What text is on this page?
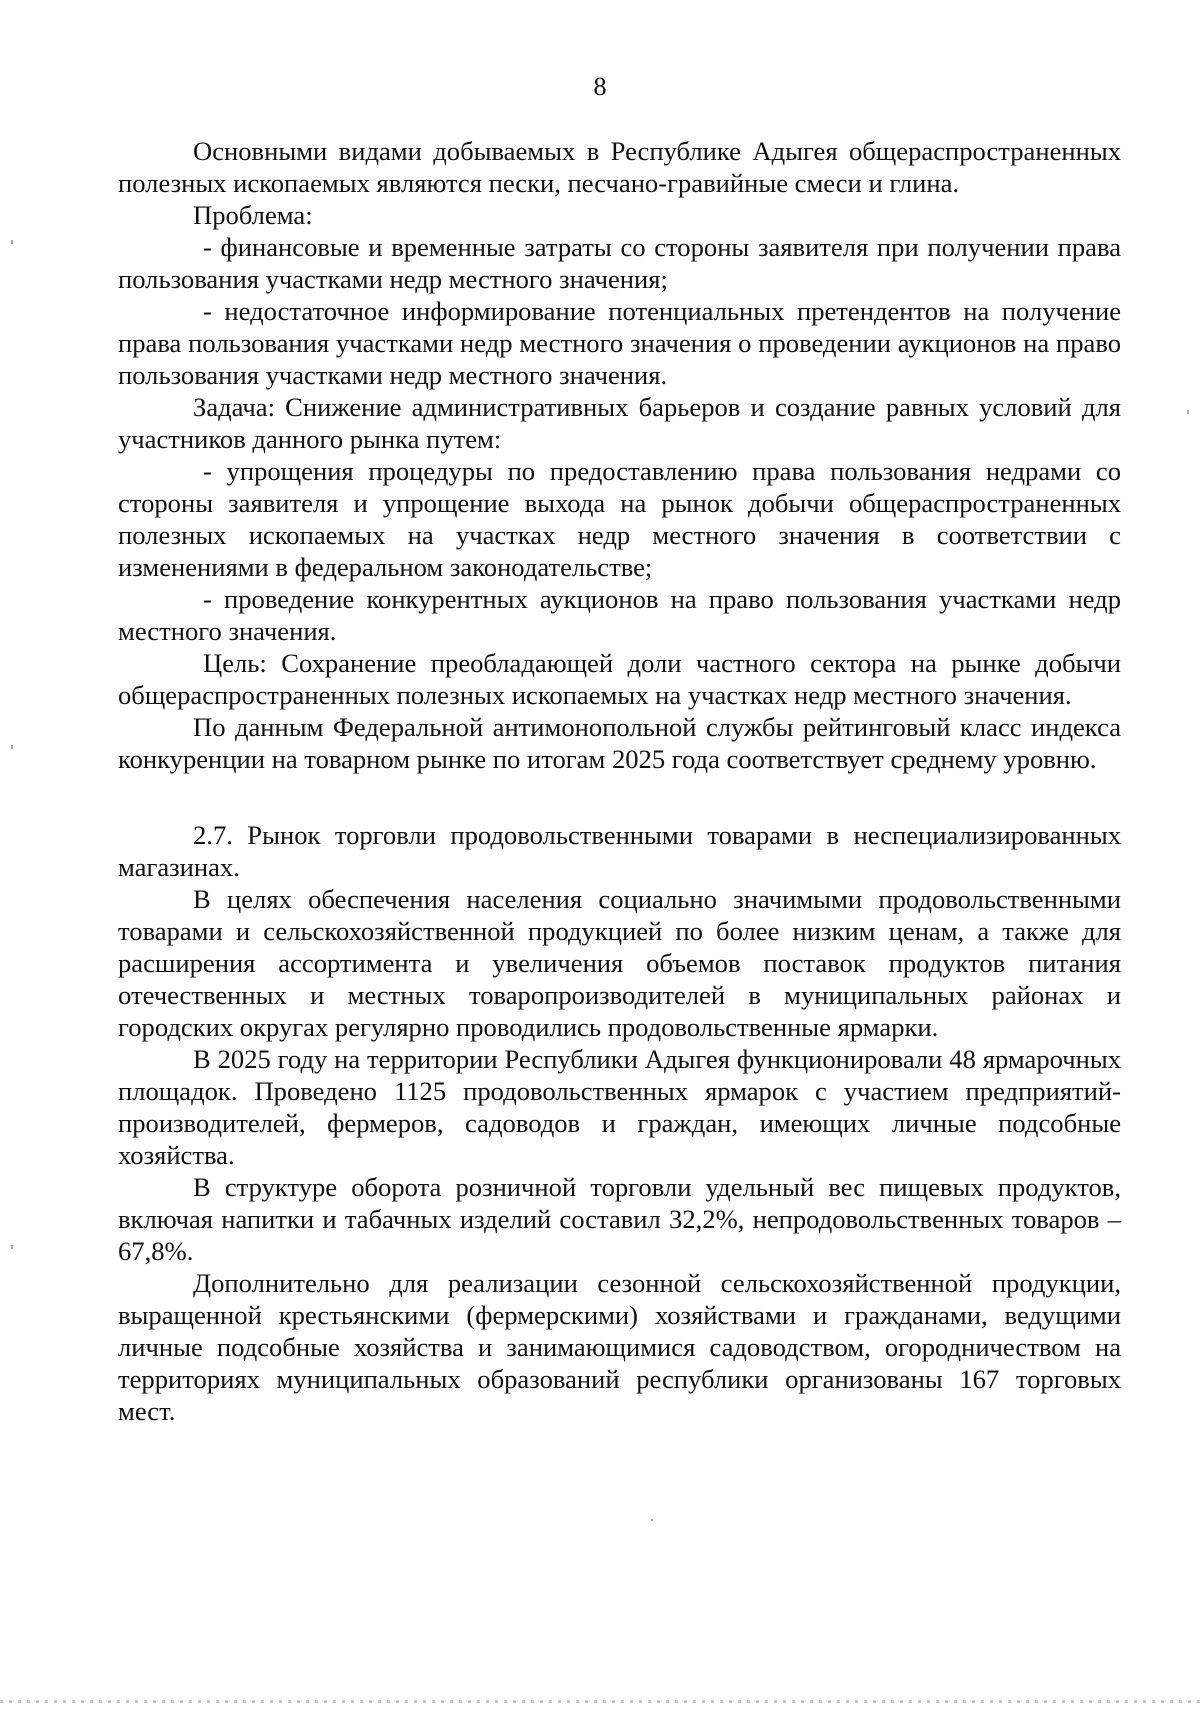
8

Основными видами добываемых в Республике Адыгея общераспространенных полезных ископаемых являются пески, песчано-гравийные смеси и глина.

Проблема:

- финансовые и временные затраты со стороны заявителя при получении права пользования участками недр местного значения;

- недостаточное информирование потенциальных претендентов на получение права пользования участками недр местного значения о проведении аукционов на право пользования участками недр местного значения.

Задача: Снижение административных барьеров и создание равных условий для участников данного рынка путем:

- упрощения процедуры по предоставлению права пользования недрами со стороны заявителя и упрощение выхода на рынок добычи общераспространенных полезных ископаемых на участках недр местного значения в соответствии с изменениями в федеральном законодательстве;

- проведение конкурентных аукционов на право пользования участками недр местного значения.

Цель: Сохранение преобладающей доли частного сектора на рынке добычи общераспространенных полезных ископаемых на участках недр местного значения.

По данным Федеральной антимонопольной службы рейтинговый класс индекса конкуренции на товарном рынке по итогам 2025 года соответствует среднему уровню.

2.7. Рынок торговли продовольственными товарами в неспециализированных магазинах.

В целях обеспечения населения социально значимыми продовольственными товарами и сельскохозяйственной продукцией по более низким ценам, а также для расширения ассортимента и увеличения объемов поставок продуктов питания отечественных и местных товаропроизводителей в муниципальных районах и городских округах регулярно проводились продовольственные ярмарки.

В 2025 году на территории Республики Адыгея функционировали 48 ярмарочных площадок. Проведено 1125 продовольственных ярмарок с участием предприятий-производителей, фермеров, садоводов и граждан, имеющих личные подсобные хозяйства.

В структуре оборота розничной торговли удельный вес пищевых продуктов, включая напитки и табачных изделий составил 32,2%, непродовольственных товаров – 67,8%.

Дополнительно для реализации сезонной сельскохозяйственной продукции, выращенной крестьянскими (фермерскими) хозяйствами и гражданами, ведущими личные подсобные хозяйства и занимающимися садоводством, огородничеством на территориях муниципальных образований республики организованы 167 торговых мест.
